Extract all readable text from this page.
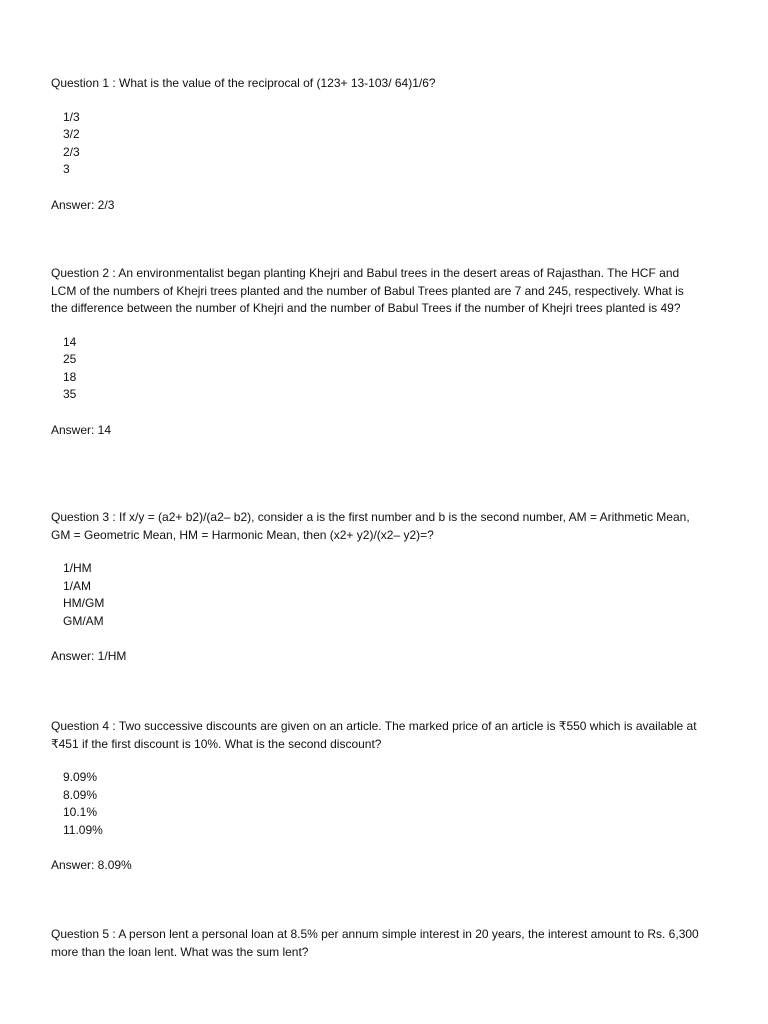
Question 1 : What is the value of the reciprocal of (123+ 13-103/ 64)1/6?

1/3
3/2
2/3
3

Answer: 2/3

Question 2 : An environmentalist began planting Khejri and Babul trees in the desert areas of Rajasthan. The HCF and LCM of the numbers of Khejri trees planted and the number of Babul Trees planted are 7 and 245, respectively. What is the difference between the number of Khejri and the number of Babul Trees if the number of Khejri trees planted is 49?

14
25
18
35

Answer: 14

Question 3 : If x/y = (a2+ b2)/(a2– b2), consider a is the first number and b is the second number, AM = Arithmetic Mean, GM = Geometric Mean, HM = Harmonic Mean, then (x2+ y2)/(x2– y2)=?

1/HM
1/AM
HM/GM
GM/AM

Answer: 1/HM

Question 4 : Two successive discounts are given on an article. The marked price of an article is ₹550 which is available at ₹451 if the first discount is 10%. What is the second discount?

9.09%
8.09%
10.1%
11.09%

Answer: 8.09%

Question 5 : A person lent a personal loan at 8.5% per annum simple interest in 20 years, the interest amount to Rs. 6,300 more than the loan lent. What was the sum lent?
